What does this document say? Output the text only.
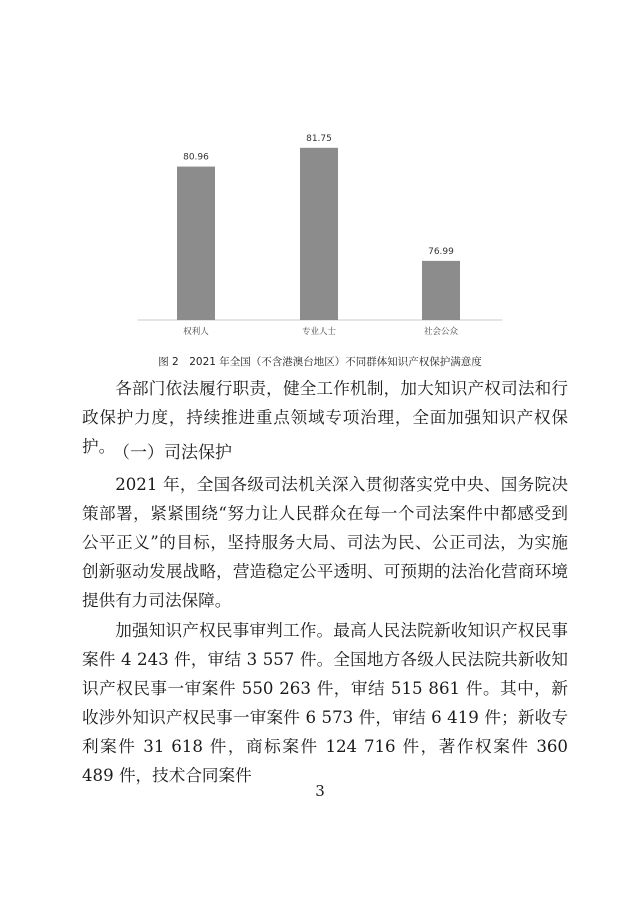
80.96
权利人
81.75
专业人士
76.99
社会公众
图 2　2021 年全国（不含港澳台地区）不同群体知识产权保护满意度

各部门依法履行职责，健全工作机制，加大知识产权司法和行政保护力度，持续推进重点领域专项治理，全面加强知识产权保护。

（一）司法保护

2021 年，全国各级司法机关深入贯彻落实党中央、国务院决策部署，紧紧围绕“努力让人民群众在每一个司法案件中都感受到公平正义”的目标，坚持服务大局、司法为民、公正司法，为实施创新驱动发展战略，营造稳定公平透明、可预期的法治化营商环境提供有力司法保障。

加强知识产权民事审判工作。最高人民法院新收知识产权民事案件 4 243 件，审结 3 557 件。全国地方各级人民法院共新收知识产权民事一审案件 550 263 件，审结 515 861 件。其中，新收涉外知识产权民事一审案件 6 573 件，审结 6 419 件；新收专利案件 31 618 件，商标案件 124 716 件，著作权案件 360 489 件，技术合同案件

3
